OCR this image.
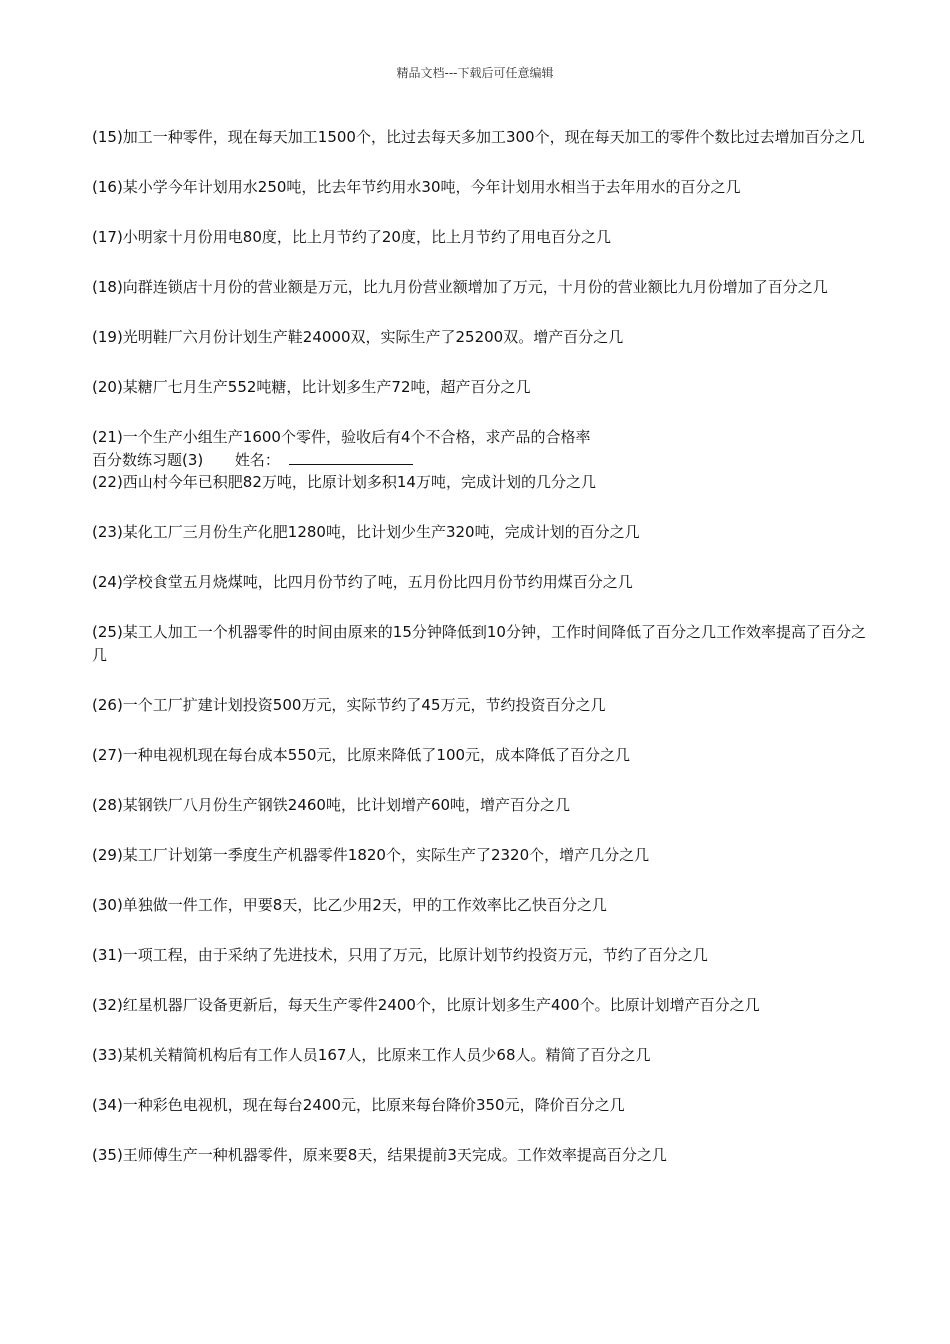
精品文档---下载后可任意编辑
(15)加工一种零件，现在每天加工1500个，比过去每天多加工300个，现在每天加工的零件个数比过去增加百分之几
(16)某小学今年计划用水250吨，比去年节约用水30吨，今年计划用水相当于去年用水的百分之几
(17)小明家十月份用电80度，比上月节约了20度，比上月节约了用电百分之几
(18)向群连锁店十月份的营业额是万元，比九月份营业额增加了万元，十月份的营业额比九月份增加了百分之几
(19)光明鞋厂六月份计划生产鞋24000双，实际生产了25200双。增产百分之几
(20)某糖厂七月生产552吨糖，比计划多生产72吨，超产百分之几
(21)一个生产小组生产1600个零件，验收后有4个不合格，求产品的合格率
百分数练习题(3) 姓名：
(22)西山村今年已积肥82万吨，比原计划多积14万吨，完成计划的几分之几
(23)某化工厂三月份生产化肥1280吨，比计划少生产320吨，完成计划的百分之几
(24)学校食堂五月烧煤吨，比四月份节约了吨，五月份比四月份节约用煤百分之几
(25)某工人加工一个机器零件的时间由原来的15分钟降低到10分钟，工作时间降低了百分之几工作效率提高了百分之几
(26)一个工厂扩建计划投资500万元，实际节约了45万元，节约投资百分之几
(27)一种电视机现在每台成本550元，比原来降低了100元，成本降低了百分之几
(28)某钢铁厂八月份生产钢铁2460吨，比计划增产60吨，增产百分之几
(29)某工厂计划第一季度生产机器零件1820个，实际生产了2320个，增产几分之几
(30)单独做一件工作，甲要8天，比乙少用2天，甲的工作效率比乙快百分之几
(31)一项工程，由于采纳了先进技术，只用了万元，比原计划节约投资万元，节约了百分之几
(32)红星机器厂设备更新后，每天生产零件2400个，比原计划多生产400个。比原计划增产百分之几
(33)某机关精简机构后有工作人员167人，比原来工作人员少68人。精简了百分之几
(34)一种彩色电视机，现在每台2400元，比原来每台降价350元，降价百分之几
(35)王师傅生产一种机器零件，原来要8天，结果提前3天完成。工作效率提高百分之几
